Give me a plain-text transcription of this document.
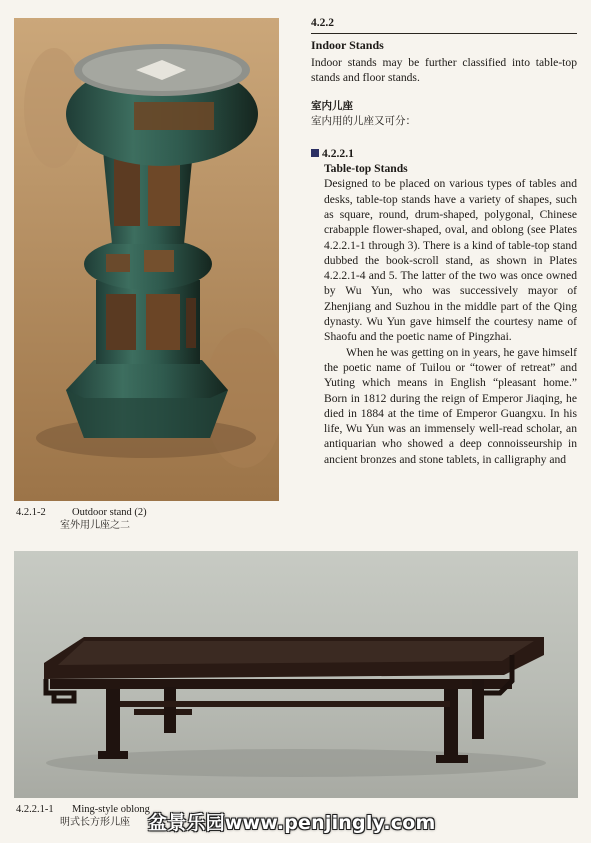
4.2.1-2	Outdoor stand (2)
室外用儿座之二
4.2.2
Indoor Stands

Indoor stands may be further classified into table-top stands and floor stands.

室内儿座
室内用的儿座又可分：
4.2.2.1
Table-top Stands

Designed to be placed on various types of tables and desks, table-top stands have a variety of shapes, such as square, round, drum-shaped, polygonal, Chinese crabapple flower-shaped, oval, and oblong (see Plates 4.2.2.1-1 through 3). There is a kind of table-top stand dubbed the book-scroll stand, as shown in Plates 4.2.2.1-4 and 5. The latter of the two was once owned by Wu Yun, who was successively mayor of Zhenjiang and Suzhou in the middle part of the Qing dynasty. Wu Yun gave himself the courtesy name of Shaofu and the poetic name of Pingzhai.

When he was getting on in years, he gave himself the poetic name of Tuilou or “tower of retreat” and Yuting which means in English “pleasant home.” Born in 1812 during the reign of Emperor Jiaqing, he died in 1884 at the time of Emperor Guangxu. In his life, Wu Yun was an immensely well-read scholar, an antiquarian who showed a deep connoisseurship in ancient bronzes and stone tablets, in calligraphy and

4.2.2.1-1	Ming-style oblong
明式长方形儿座 盆景乐园www.penjingly.com
